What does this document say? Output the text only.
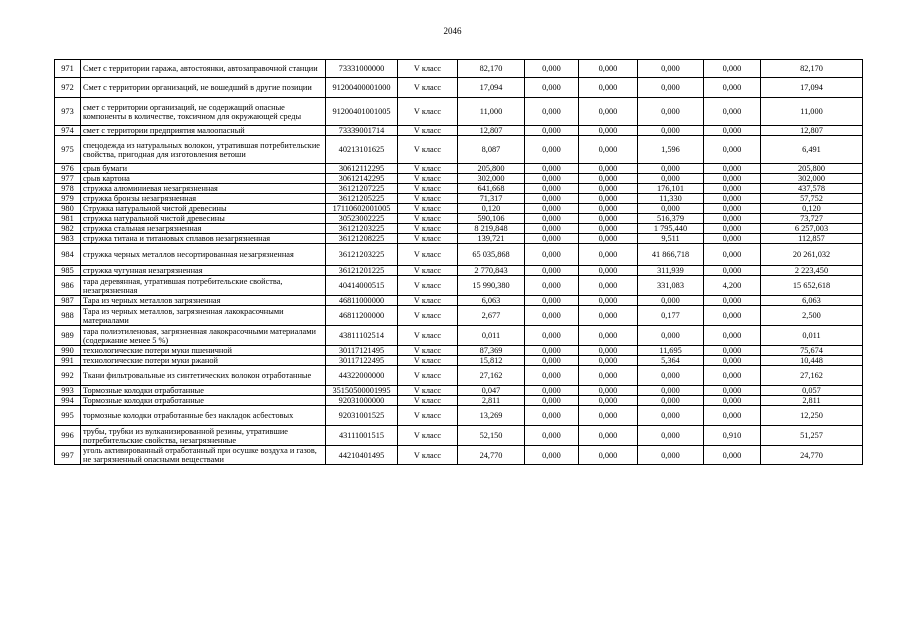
2046
971	Смет с территории гаража, автостоянки, автозаправочной станции	73331000000	V класс	82,170	0,000	0,000	0,000	0,000	82,170
972	Смет с территории организаций, не вошедший в другие позиции	91200400001000	V класс	17,094	0,000	0,000	0,000	0,000	17,094
973	смет с территории организаций, не содержащий опасные компоненты в количестве, токсичном для окружающей среды	91200401001005	V класс	11,000	0,000	0,000	0,000	0,000	11,000
974	смет с территории предприятия малоопасный	73339001714	V класс	12,807	0,000	0,000	0,000	0,000	12,807
975	спецодежда из натуральных волокон, утратившая потребительские свойства, пригодная для изготовления ветоши	40213101625	V класс	8,087	0,000	0,000	1,596	0,000	6,491
976	срыв бумаги	30612112295	V класс	205,800	0,000	0,000	0,000	0,000	205,800
977	срыв картона	30612142295	V класс	302,000	0,000	0,000	0,000	0,000	302,000
978	стружка алюминиевая незагрязненная	36121207225	V класс	641,668	0,000	0,000	176,101	0,000	437,578
979	стружка бронзы незагрязненная	36121205225	V класс	71,317	0,000	0,000	11,330	0,000	57,752
980	Стружка натуральной чистой древесины	17110602001005	V класс	0,120	0,000	0,000	0,000	0,000	0,120
981	стружка натуральной чистой древесины	30523002225	V класс	590,106	0,000	0,000	516,379	0,000	73,727
982	стружка стальная незагрязненная	36121203225	V класс	8 219,848	0,000	0,000	1 795,440	0,000	6 257,003
983	стружка титана и титановых сплавов незагрязненная	36121208225	V класс	139,721	0,000	0,000	9,511	0,000	112,857
984	стружка черных металлов несортированная незагрязненная	36121203225	V класс	65 035,868	0,000	0,000	41 866,718	0,000	20 261,032
985	стружка чугунная незагрязненная	36121201225	V класс	2 770,843	0,000	0,000	311,939	0,000	2 223,450
986	тара деревянная, утратившая потребительские свойства, незагрязненная	40414000515	V класс	15 990,380	0,000	0,000	331,083	4,200	15 652,618
987	Тара из черных металлов загрязненная	46811000000	V класс	6,063	0,000	0,000	0,000	0,000	6,063
988	Тара из черных металлов, загрязненная лакокрасочными материалами	46811200000	V класс	2,677	0,000	0,000	0,177	0,000	2,500
989	тара полиэтиленовая, загрязненная лакокрасочными материалами (содержание менее 5 %)	43811102514	V класс	0,011	0,000	0,000	0,000	0,000	0,011
990	технологические потери муки пшеничной	30117121495	V класс	87,369	0,000	0,000	11,695	0,000	75,674
991	технологические потери муки ржаной	30117122495	V класс	15,812	0,000	0,000	5,364	0,000	10,448
992	Ткани фильтровальные из синтетических волокон отработанные	44322000000	V класс	27,162	0,000	0,000	0,000	0,000	27,162
993	Тормозные колодки отработанные	35150500001995	V класс	0,047	0,000	0,000	0,000	0,000	0,057
994	Тормозные колодки отработанные	92031000000	V класс	2,811	0,000	0,000	0,000	0,000	2,811
995	тормозные колодки отработанные без накладок асбестовых	92031001525	V класс	13,269	0,000	0,000	0,000	0,000	12,250
996	трубы, трубки из вулканизированной резины, утратившие потребительские свойства, незагрязненные	43111001515	V класс	52,150	0,000	0,000	0,000	0,910	51,257
997	уголь активированный отработанный при осушке воздуха и газов, не загрязненный опасными веществами	44210401495	V класс	24,770	0,000	0,000	0,000	0,000	24,770
